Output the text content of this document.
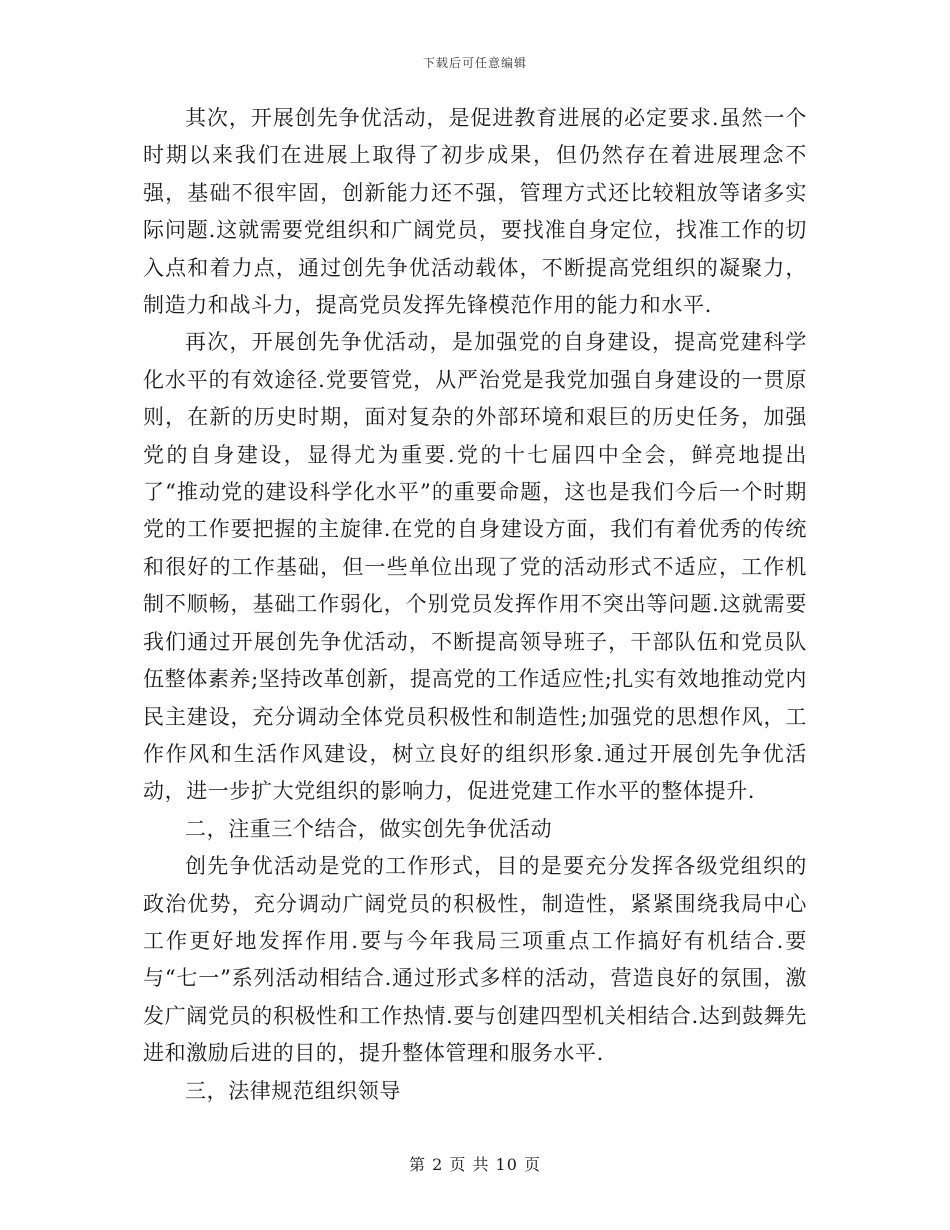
下载后可任意编辑

其次，开展创先争优活动，是促进教育进展的必定要求.虽然一个时期以来我们在进展上取得了初步成果，但仍然存在着进展理念不强，基础不很牢固，创新能力还不强，管理方式还比较粗放等诸多实际问题.这就需要党组织和广阔党员，要找准自身定位，找准工作的切入点和着力点，通过创先争优活动载体，不断提高党组织的凝聚力，制造力和战斗力，提高党员发挥先锋模范作用的能力和水平.

再次，开展创先争优活动，是加强党的自身建设，提高党建科学化水平的有效途径.党要管党，从严治党是我党加强自身建设的一贯原则，在新的历史时期，面对复杂的外部环境和艰巨的历史任务，加强党的自身建设，显得尤为重要.党的十七届四中全会，鲜亮地提出了“推动党的建设科学化水平”的重要命题，这也是我们今后一个时期党的工作要把握的主旋律.在党的自身建设方面，我们有着优秀的传统和很好的工作基础，但一些单位出现了党的活动形式不适应，工作机制不顺畅，基础工作弱化，个别党员发挥作用不突出等问题.这就需要我们通过开展创先争优活动，不断提高领导班子，干部队伍和党员队伍整体素养;坚持改革创新，提高党的工作适应性;扎实有效地推动党内民主建设，充分调动全体党员积极性和制造性;加强党的思想作风，工作作风和生活作风建设，树立良好的组织形象.通过开展创先争优活动，进一步扩大党组织的影响力，促进党建工作水平的整体提升.

二，注重三个结合，做实创先争优活动

创先争优活动是党的工作形式，目的是要充分发挥各级党组织的政治优势，充分调动广阔党员的积极性，制造性，紧紧围绕我局中心工作更好地发挥作用.要与今年我局三项重点工作搞好有机结合.要与“七一”系列活动相结合.通过形式多样的活动，营造良好的氛围，激发广阔党员的积极性和工作热情.要与创建四型机关相结合.达到鼓舞先进和激励后进的目的，提升整体管理和服务水平.

三，法律规范组织领导

第 2 页 共 10 页
